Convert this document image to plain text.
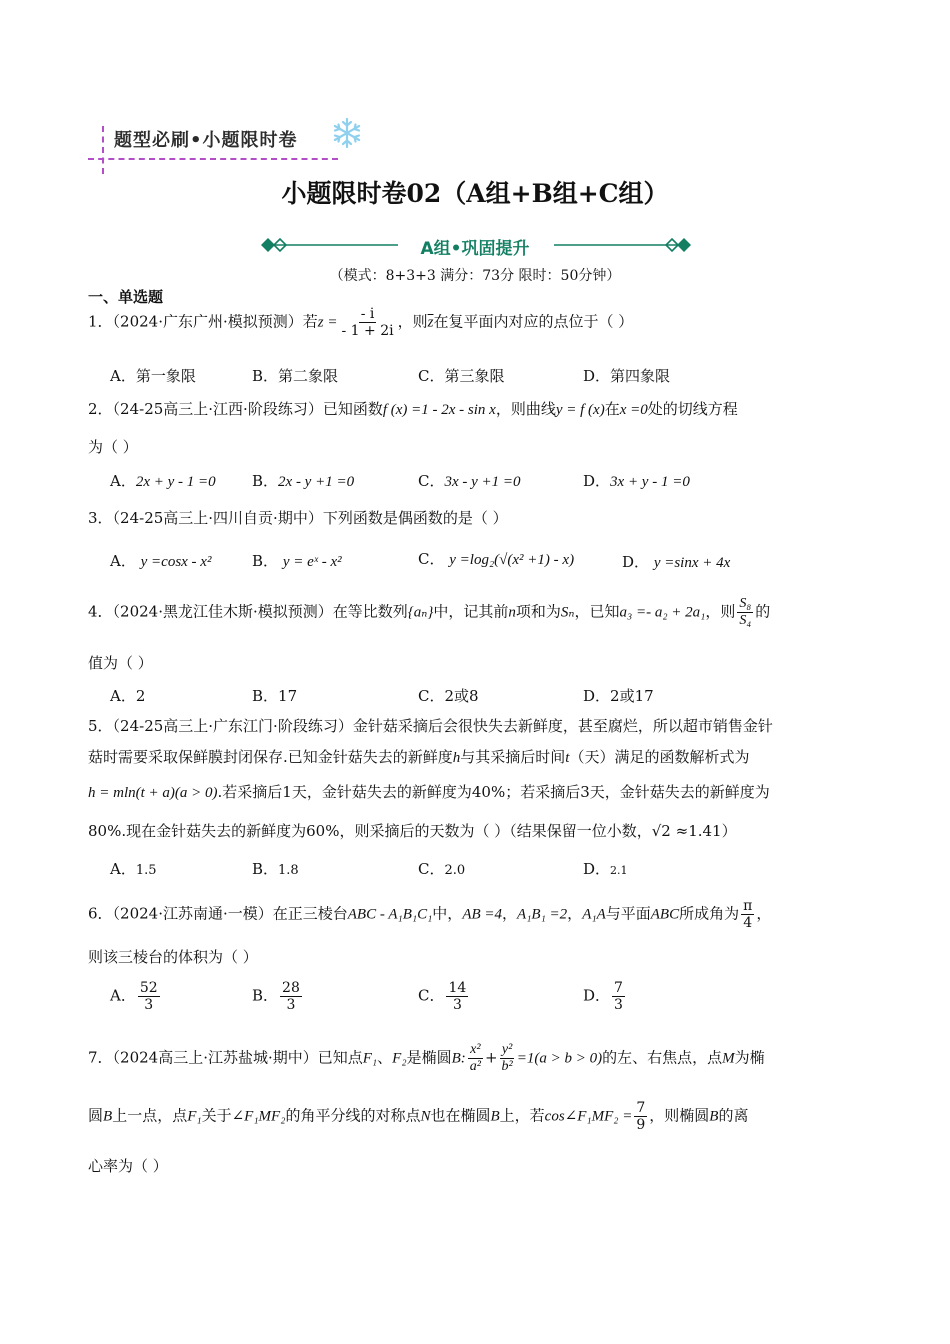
题型必刷•小题限时卷
小题限时卷02（A组+B组+C组）
A组•巩固提升
（模式：8+3+3 满分：73分 限时：50分钟）
一、单选题
1．（2024·广东广州·模拟预测）若$z = \frac{- i}{- 1 + 2i}$ ，则$\overline{z}$在复平面内对应的点位于（ ）
A．第一象限	B．第二象限	C．第三象限	D．第四象限
2．（24-25高三上·江西·阶段练习）已知函数f (x) =1 - 2x - sin x，则曲线y = f (x)在x =0处的切线方程
为（ ）
A．2x + y - 1 =0 B．2x - y +1 =0	C．3x - y +1 =0	D．3x + y - 1 =0
3．（24-25高三上·四川自贡·期中）下列函数是偶函数的是（ ）
A． y =cosx - x²	B． y = eˣ - x²	C． y =log₂(√(x² +1) - x)	D． y =sinx + 4x
4．（2024·黑龙江佳木斯·模拟预测）在等比数列{aₙ}中，记其前n项和为Sₙ，已知a₃ =- a₂ + 2a₁，则 $\frac{\text{S₈}}{\text{S₄}}$ 的
值为（ ）
A．2	B．17	C．2或8	D．2或17
5．（24-25高三上·广东江门·阶段练习）金针菇采摘后会很快失去新鲜度，甚至腐烂，所以超市销售金针
菇时需要采取保鲜膜封闭保存.已知金针菇失去的新鲜度h与其采摘后时间t（天）满足的函数解析式为
h = mln(t + a)(a > 0).若采摘后1天，金针菇失去的新鲜度为40%；若采摘后3天，金针菇失去的新鲜度为
80%.现在金针菇失去的新鲜度为60%，则采摘后的天数为（ ）（结果保留一位小数，√2 ≈1.41）
A．1.5	B．1.8	C．2.0	D．2.1
6．（2024·江苏南通·一模）在正三棱台ABC - A₁B₁C₁中，AB =4，A₁B₁ =2，A₁A与平面ABC所成角为 $\frac{\pi}{4}$ ，
则该三棱台的体积为（ ）
A． $\frac{52}{3}$	B． $\frac{28}{3}$	C． $\frac{14}{3}$	D． $\frac{7}{3}$
7．（2024高三上·江苏盐城·期中）已知点F₁、F₂是椭圆B: $\frac{\text{x²}}{\text{a²}} + \frac{\text{y²}}{\text{b²}} =1(a > b > 0)$的左、右焦点，点M为椭
圆B上一点，点F₁关于∠F₁MF₂的角平分线的对称点N也在椭圆B上，若cos∠F₁MF₂ = $\frac{7}{9}$ ，则椭圆B的离
心率为（ ）
